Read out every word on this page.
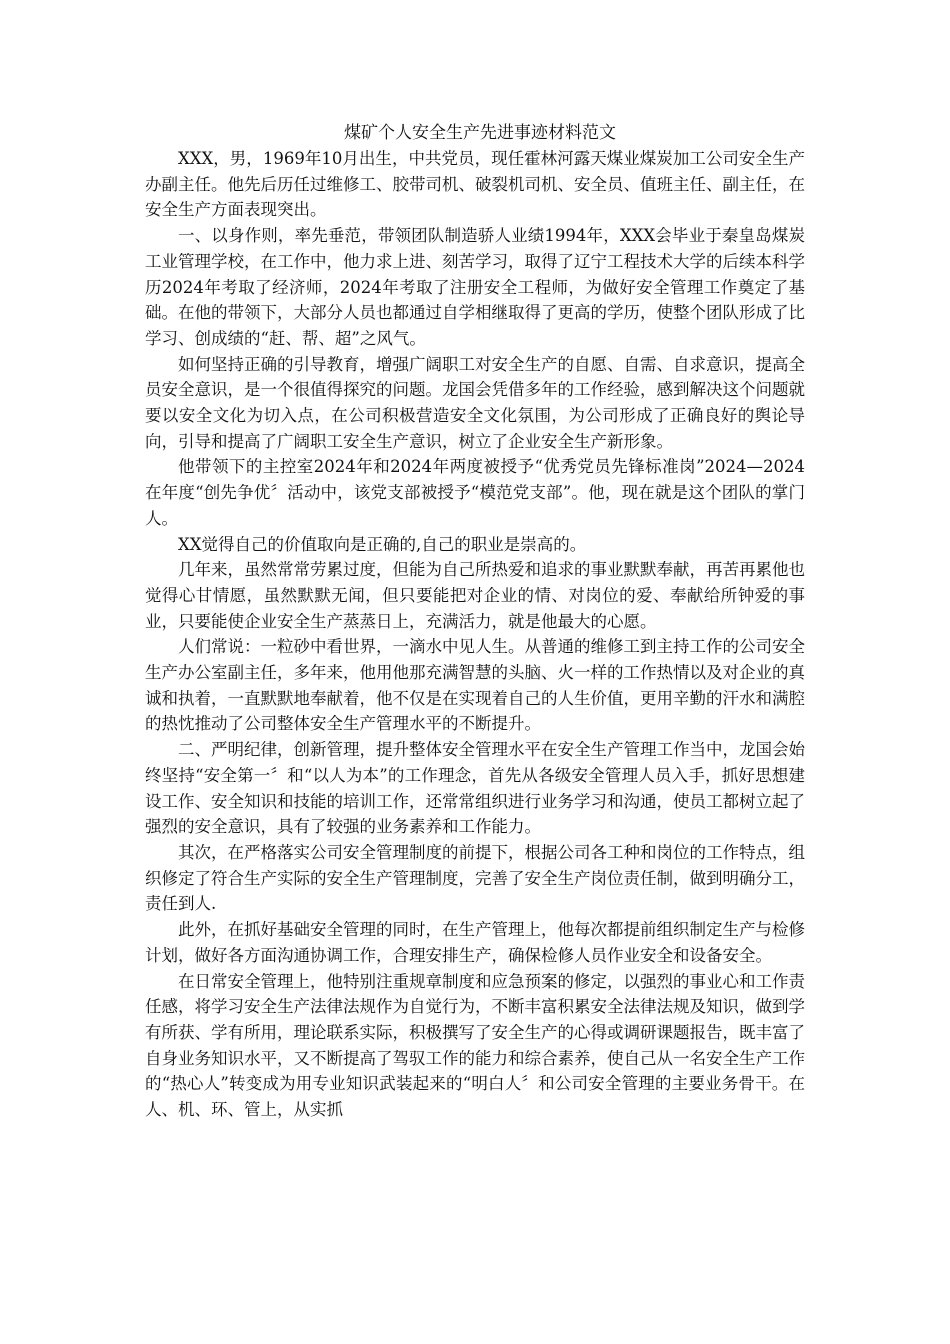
煤矿个人安全生产先进事迹材料范文

XXX，男，1969年10月出生，中共党员，现任霍林河露天煤业煤炭加工公司安全生产办副主任。他先后历任过维修工、胶带司机、破裂机司机、安全员、值班主任、副主任，在安全生产方面表现突出。

一、以身作则，率先垂范，带领团队制造骄人业绩1994年，XXX会毕业于秦皇岛煤炭工业管理学校，在工作中，他力求上进、刻苦学习，取得了辽宁工程技术大学的后续本科学历2024年考取了经济师，2024年考取了注册安全工程师，为做好安全管理工作奠定了基础。在他的带领下，大部分人员也都通过自学相继取得了更高的学历，使整个团队形成了比学习、创成绩的“赶、帮、超”之风气。

如何坚持正确的引导教育，增强广阔职工对安全生产的自愿、自需、自求意识，提高全员安全意识，是一个很值得探究的问题。龙国会凭借多年的工作经验，感到解决这个问题就要以安全文化为切入点，在公司积极营造安全文化氛围，为公司形成了正确良好的舆论导向，引导和提高了广阔职工安全生产意识，树立了企业安全生产新形象。

他带领下的主控室2024年和2024年两度被授予“优秀党员先锋标准岗”2024—2024在年度“创先争优〞活动中，该党支部被授予“模范党支部”。他，现在就是这个团队的掌门人。

XX觉得自己的价值取向是正确的,自己的职业是崇高的。

几年来，虽然常常劳累过度，但能为自己所热爱和追求的事业默默奉献，再苦再累他也觉得心甘情愿，虽然默默无闻，但只要能把对企业的情、对岗位的爱、奉献给所钟爱的事业，只要能使企业安全生产蒸蒸日上，充满活力，就是他最大的心愿。

人们常说：一粒砂中看世界，一滴水中见人生。从普通的维修工到主持工作的公司安全生产办公室副主任，多年来，他用他那充满智慧的头脑、火一样的工作热情以及对企业的真诚和执着，一直默默地奉献着，他不仅是在实现着自己的人生价值，更用辛勤的汗水和满腔的热忱推动了公司整体安全生产管理水平的不断提升。

二、严明纪律，创新管理，提升整体安全管理水平在安全生产管理工作当中，龙国会始终坚持“安全第一〞和“以人为本”的工作理念，首先从各级安全管理人员入手，抓好思想建设工作、安全知识和技能的培训工作，还常常组织进行业务学习和沟通，使员工都树立起了强烈的安全意识，具有了较强的业务素养和工作能力。

其次，在严格落实公司安全管理制度的前提下，根据公司各工种和岗位的工作特点，组织修定了符合生产实际的安全生产管理制度，完善了安全生产岗位责任制，做到明确分工，责任到人.

此外，在抓好基础安全管理的同时，在生产管理上，他每次都提前组织制定生产与检修计划，做好各方面沟通协调工作，合理安排生产，确保检修人员作业安全和设备安全。

在日常安全管理上，他特别注重规章制度和应急预案的修定，以强烈的事业心和工作责任感，将学习安全生产法律法规作为自觉行为，不断丰富积累安全法律法规及知识，做到学有所获、学有所用，理论联系实际，积极撰写了安全生产的心得或调研课题报告，既丰富了自身业务知识水平，又不断提高了驾驭工作的能力和综合素养，使自己从一名安全生产工作的“热心人”转变成为用专业知识武装起来的“明白人〞和公司安全管理的主要业务骨干。在人、机、环、管上，从实抓
